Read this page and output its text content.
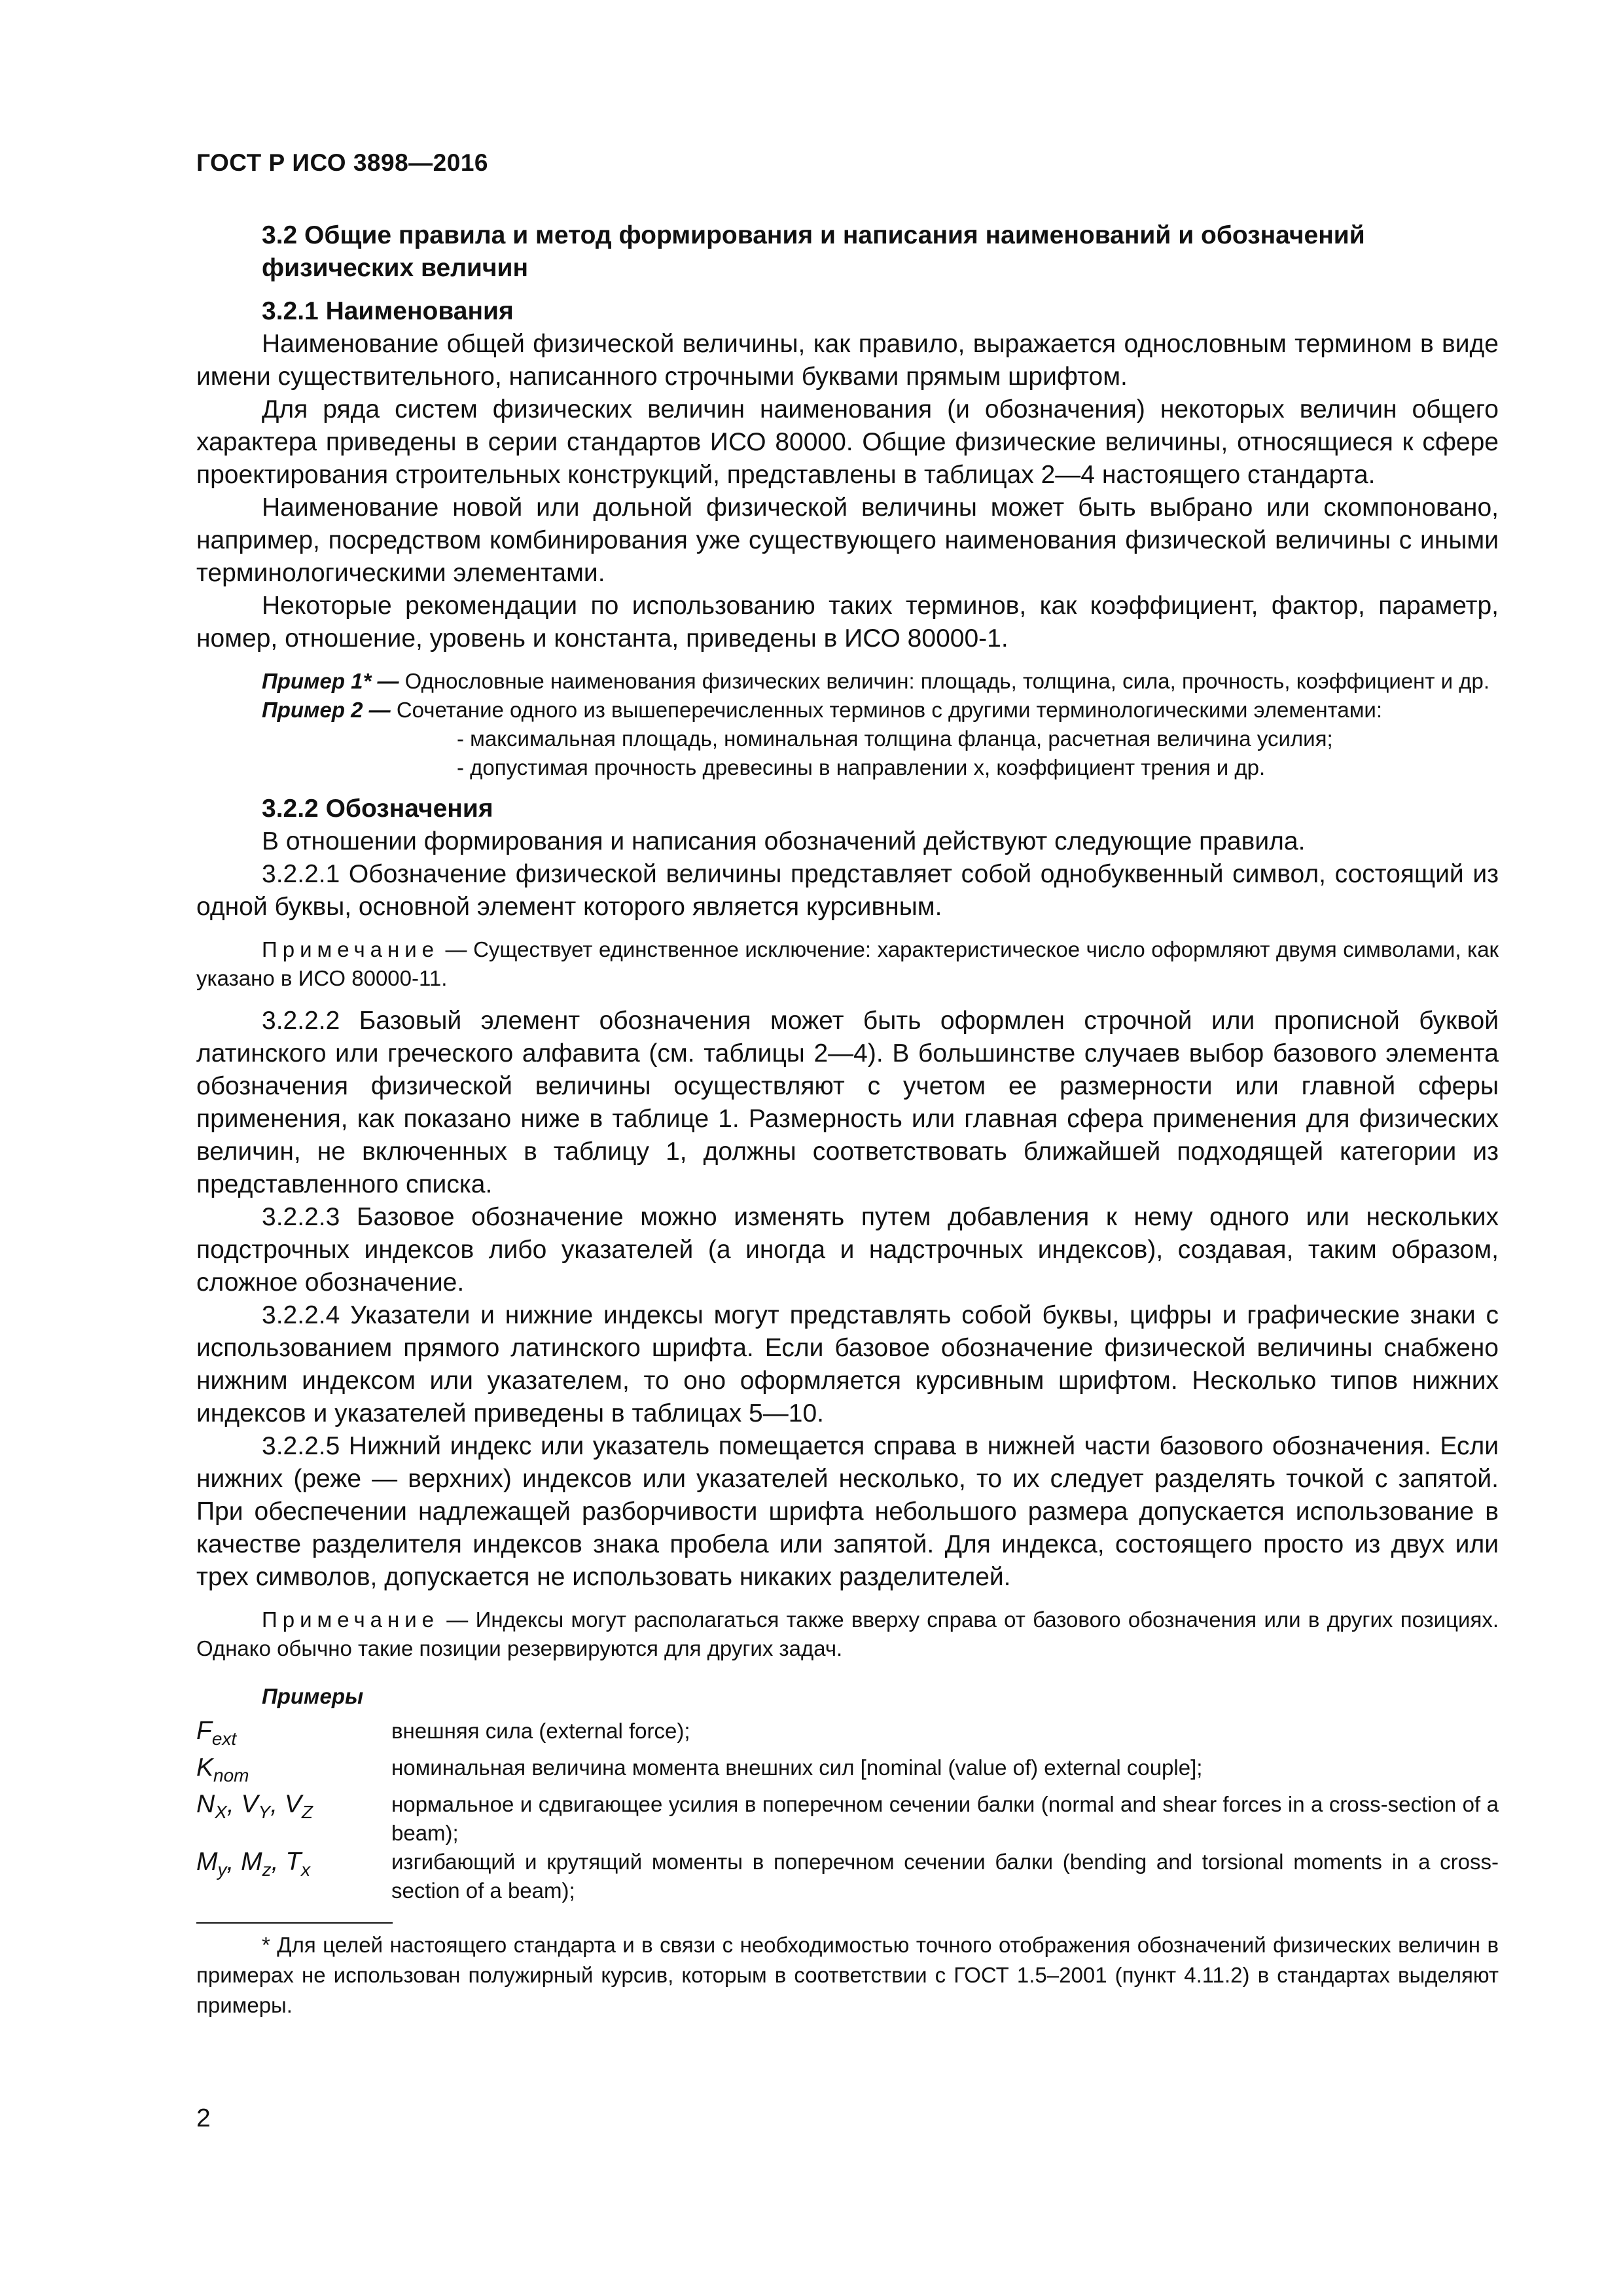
ГОСТ Р ИСО 3898—2016
3.2 Общие правила и метод формирования и написания наименований и обозначений физических величин
3.2.1 Наименования

Наименование общей физической величины, как правило, выражается однословным термином в виде имени существительного, написанного строчными буквами прямым шрифтом.

Для ряда систем физических величин наименования (и обозначения) некоторых величин общего характера приведены в серии стандартов ИСО 80000. Общие физические величины, относящиеся к сфере проектирования строительных конструкций, представлены в таблицах 2—4 настоящего стандарта.

Наименование новой или дольной физической величины может быть выбрано или скомпоновано, например, посредством комбинирования уже существующего наименования физической величины с иными терминологическими элементами.

Некоторые рекомендации по использованию таких терминов, как коэффициент, фактор, параметр, номер, отношение, уровень и константа, приведены в ИСО 80000-1.

Пример 1* — Однословные наименования физических величин: площадь, толщина, сила, прочность, коэффициент и др.

Пример 2 — Сочетание одного из вышеперечисленных терминов с другими терминологическими элементами:

- максимальная площадь, номинальная толщина фланца, расчетная величина усилия;

- допустимая прочность древесины в направлении x, коэффициент трения и др.

3.2.2 Обозначения

В отношении формирования и написания обозначений действуют следующие правила.

3.2.2.1 Обозначение физической величины представляет собой однобуквенный символ, состоящий из одной буквы, основной элемент которого является курсивным.

Примечание — Существует единственное исключение: характеристическое число оформляют двумя символами, как указано в ИСО 80000-11.

3.2.2.2 Базовый элемент обозначения может быть оформлен строчной или прописной буквой латинского или греческого алфавита (см. таблицы 2—4). В большинстве случаев выбор базового элемента обозначения физической величины осуществляют с учетом ее размерности или главной сферы применения, как показано ниже в таблице 1. Размерность или главная сфера применения для физических величин, не включенных в таблицу 1, должны соответствовать ближайшей подходящей категории из представленного списка.

3.2.2.3 Базовое обозначение можно изменять путем добавления к нему одного или нескольких подстрочных индексов либо указателей (а иногда и надстрочных индексов), создавая, таким образом, сложное обозначение.

3.2.2.4 Указатели и нижние индексы могут представлять собой буквы, цифры и графические знаки с использованием прямого латинского шрифта. Если базовое обозначение физической величины снабжено нижним индексом или указателем, то оно оформляется курсивным шрифтом. Несколько типов нижних индексов и указателей приведены в таблицах 5—10.

3.2.2.5 Нижний индекс или указатель помещается справа в нижней части базового обозначения. Если нижних (реже — верхних) индексов или указателей несколько, то их следует разделять точкой с запятой. При обеспечении надлежащей разборчивости шрифта небольшого размера допускается использование в качестве разделителя индексов знака пробела или запятой. Для индекса, состоящего просто из двух или трех символов, допускается не использовать никаких разделителей.

Примечание — Индексы могут располагаться также вверху справа от базового обозначения или в других позициях. Однако обычно такие позиции резервируются для других задач.

Примеры
$F_{ext}$	внешняя сила (external force);
$K_{nom}$	номинальная величина момента внешних сил [nominal (value of) external couple];
$N_X$, $V_Y$, $V_Z$	нормальное и сдвигающее усилия в поперечном сечении балки (normal and shear forces in a cross-section of a beam);
$M_y$, $M_z$, $T_x$	изгибающий и крутящий моменты в поперечном сечении балки (bending and torsional moments in a cross-section of a beam);

* Для целей настоящего стандарта и в связи с необходимостью точного отображения обозначений физических величин в примерах не использован полужирный курсив, которым в соответствии с ГОСТ 1.5–2001 (пункт 4.11.2) в стандартах выделяют примеры.

2
